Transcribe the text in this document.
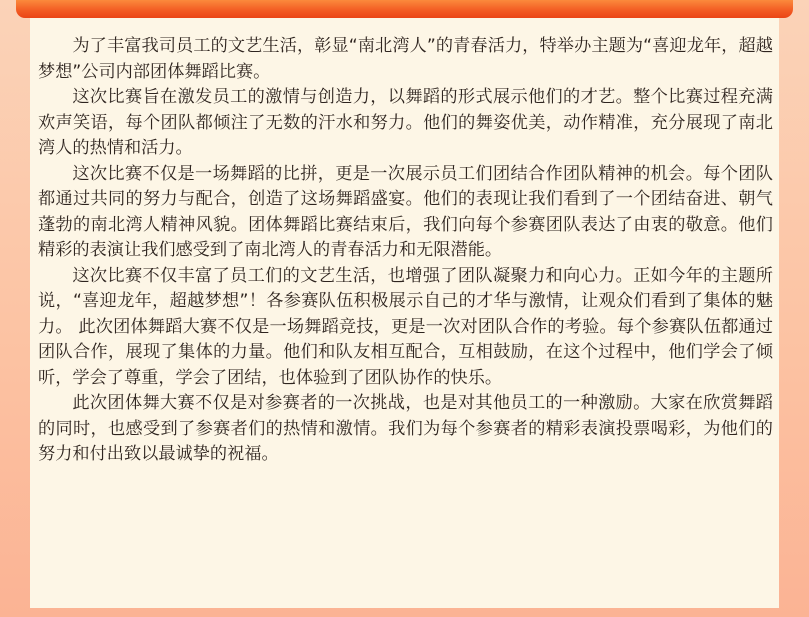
为了丰富我司员工的文艺生活，彰显“南北湾人”的青春活力，特举办主题为“喜迎龙年，超越梦想”公司内部团体舞蹈比赛。

这次比赛旨在激发员工的激情与创造力，以舞蹈的形式展示他们的才艺。整个比赛过程充满欢声笑语，每个团队都倾注了无数的汗水和努力。他们的舞姿优美，动作精准，充分展现了南北湾人的热情和活力。

这次比赛不仅是一场舞蹈的比拼，更是一次展示员工们团结合作团队精神的机会。每个团队都通过共同的努力与配合，创造了这场舞蹈盛宴。他们的表现让我们看到了一个团结奋进、朝气蓬勃的南北湾人精神风貌。团体舞蹈比赛结束后，我们向每个参赛团队表达了由衷的敬意。他们精彩的表演让我们感受到了南北湾人的青春活力和无限潜能。

这次比赛不仅丰富了员工们的文艺生活，也增强了团队凝聚力和向心力。正如今年的主题所说，“喜迎龙年，超越梦想”！各参赛队伍积极展示自己的才华与激情，让观众们看到了集体的魅力。 此次团体舞蹈大赛不仅是一场舞蹈竞技，更是一次对团队合作的考验。每个参赛队伍都通过团队合作，展现了集体的力量。他们和队友相互配合，互相鼓励，在这个过程中，他们学会了倾听，学会了尊重，学会了团结，也体验到了团队协作的快乐。

此次团体舞大赛不仅是对参赛者的一次挑战，也是对其他员工的一种激励。大家在欣赏舞蹈的同时，也感受到了参赛者们的热情和激情。我们为每个参赛者的精彩表演投票喝彩，为他们的努力和付出致以最诚挚的祝福。
